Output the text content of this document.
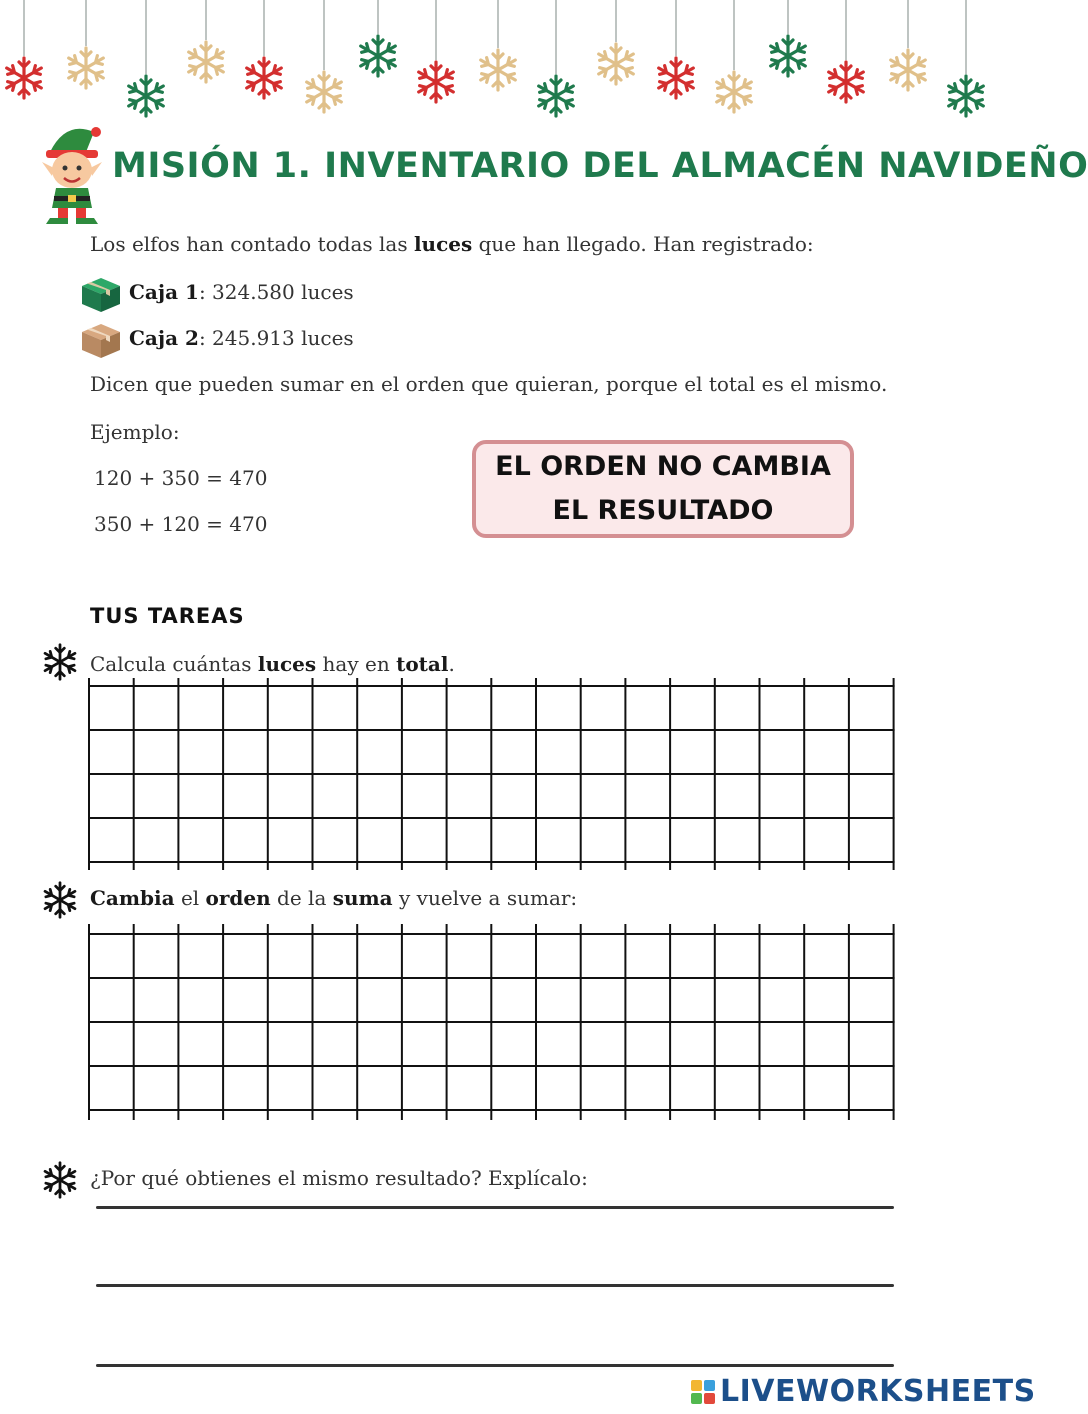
MISIÓN 1. INVENTARIO DEL ALMACÉN NAVIDEÑO
Los elfos han contado todas las luces que han llegado. Han registrado:
Caja 1: 324.580 luces
Caja 2: 245.913 luces
Dicen que pueden sumar en el orden que quieran, porque el total es el mismo.
Ejemplo:
120 + 350 = 470
350 + 120 = 470
EL ORDEN NO CAMBIA
EL RESULTADO
TUS TAREAS
Calcula cuántas luces hay en total.
Cambia el orden de la suma y vuelve a sumar:
¿Por qué obtienes el mismo resultado? Explícalo:
LIVEWORKSHEETS
